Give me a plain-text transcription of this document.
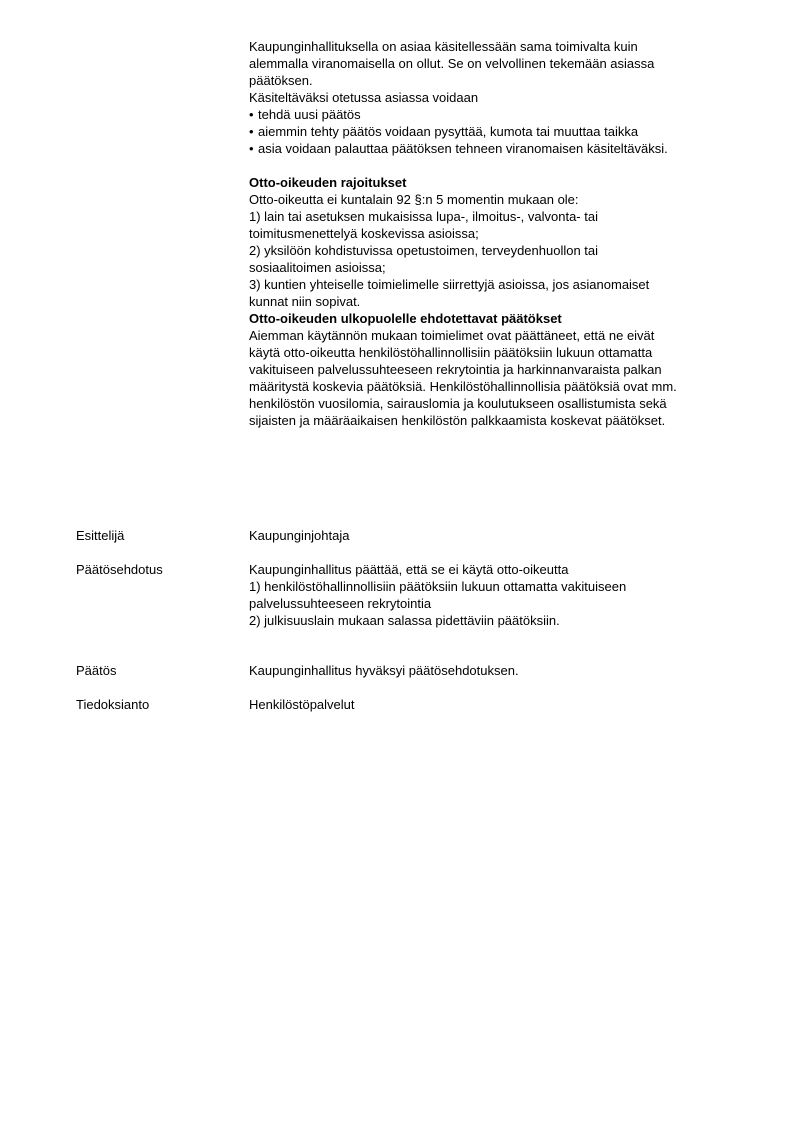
Kaupunginhallituksella on asiaa käsitellessään sama toimivalta kuin
alemmalla viranomaisella on ollut. Se on velvollinen tekemään asiassa
päätöksen.

Käsiteltäväksi otetussa asiassa voidaan
• tehdä uusi päätös
• aiemmin tehty päätös voidaan pysyttää, kumota tai muuttaa taikka
• asia voidaan palauttaa päätöksen tehneen viranomaisen käsiteltäväksi.

Otto-oikeuden rajoitukset

Otto-oikeutta ei kuntalain 92 §:n 5 momentin mukaan ole:
1) lain tai asetuksen mukaisissa lupa-, ilmoitus-, valvonta- tai
toimitusmenettelyä koskevissa asioissa;
2) yksilöön kohdistuvissa opetustoimen, terveydenhuollon tai
sosiaalitoimen asioissa;
3) kuntien yhteiselle toimielimelle siirrettyjä asioissa, jos asianomaiset
kunnat niin sopivat.

Otto-oikeuden ulkopuolelle ehdotettavat päätökset

Aiemman käytännön mukaan toimielimet ovat päättäneet, että ne eivät
käytä otto-oikeutta henkilöstöhallinnollisiin päätöksiin lukuun ottamatta
vakituiseen palvelussuhteeseen rekrytointia ja harkinnanvaraista palkan
määritystä koskevia päätöksiä. Henkilöstöhallinnollisia päätöksiä ovat mm.
henkilöstön vuosilomia, sairauslomia ja koulutukseen osallistumista sekä
sijaisten ja määräaikaisen henkilöstön palkkaamista koskevat päätökset.

Esittelijä	Kaupunginjohtaja
Päätösehdotus	Kaupunginhallitus päättää, että se ei käytä otto-oikeutta
1) henkilöstöhallinnollisiin päätöksiin lukuun ottamatta vakituiseen
palvelussuhteeseen rekrytointia
2) julkisuuslain mukaan salassa pidettäviin päätöksiin.
Päätös	Kaupunginhallitus hyväksyi päätösehdotuksen.
Tiedoksianto	Henkilöstöpalvelut
